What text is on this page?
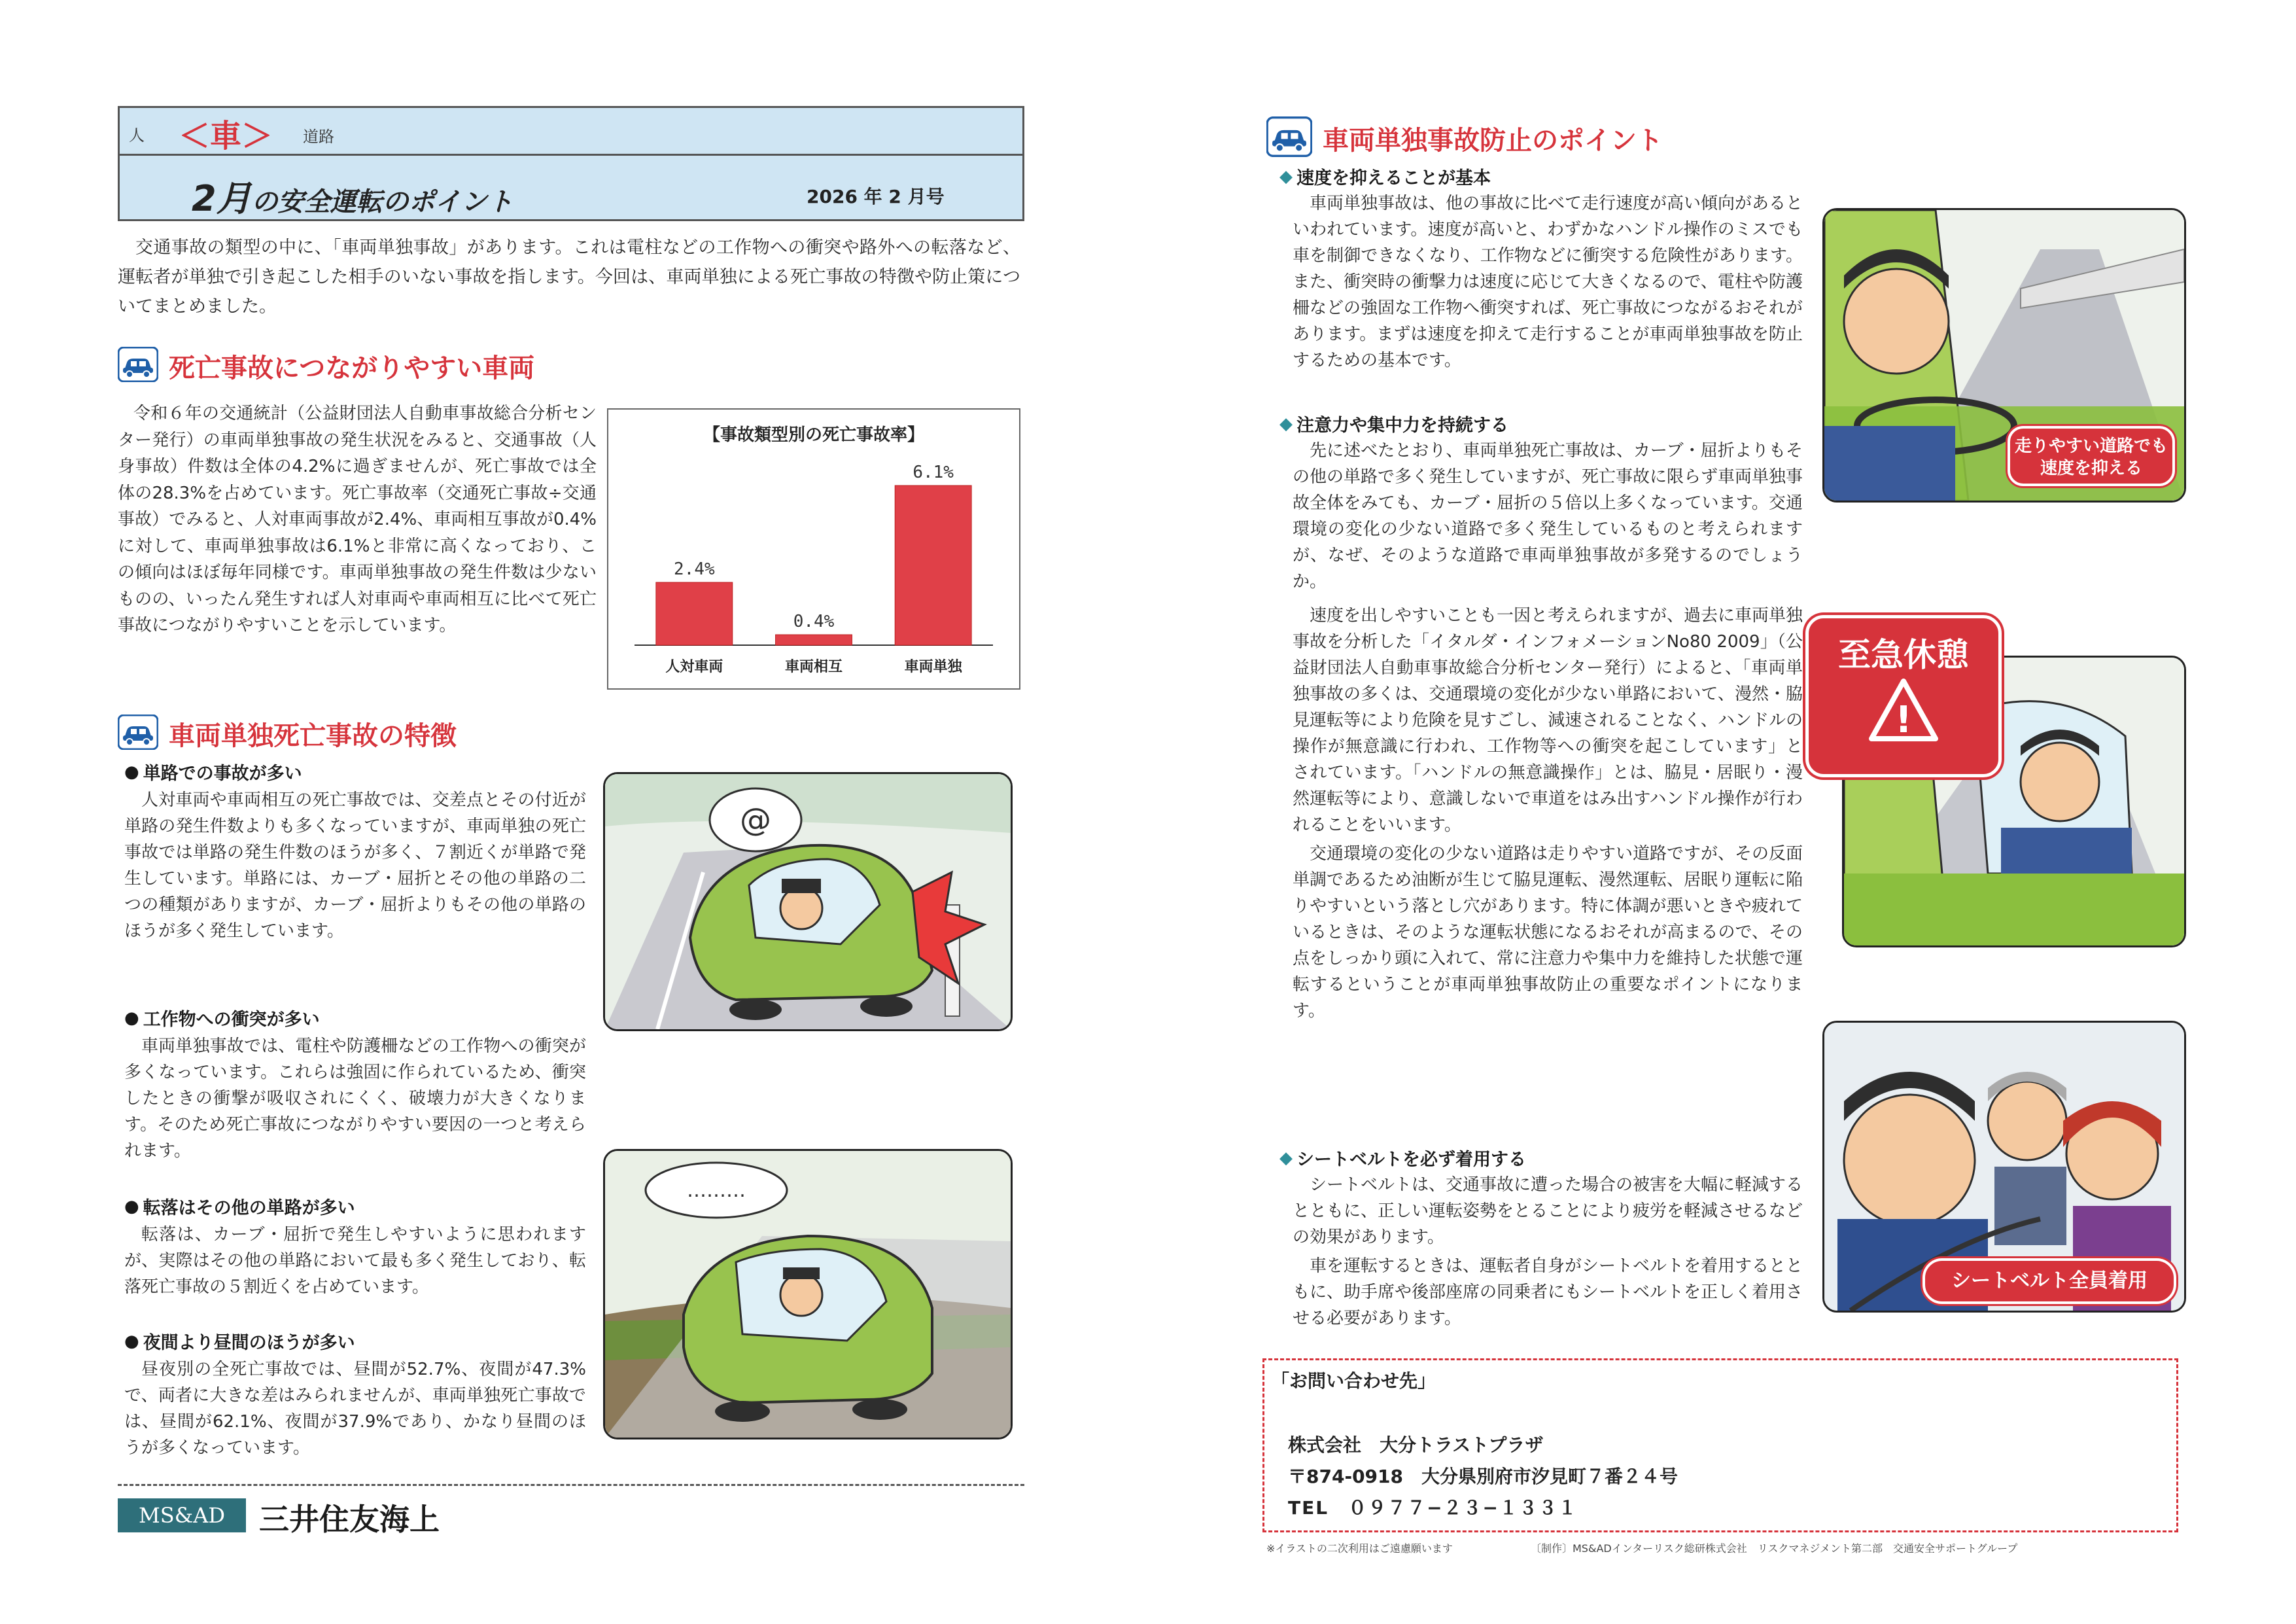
人 ＜車＞ 道路
2月の安全運転のポイント	2026 年 2 月号

交通事故の類型の中に、「車両単独事故」があります。これは電柱などの工作物への衝突や路外への転落など、運転者が単独で引き起こした相手のいない事故を指します。今回は、車両単独による死亡事故の特徴や防止策についてまとめました。

死亡事故につながりやすい車両

令和６年の交通統計（公益財団法人自動車事故総合分析センター発行）の車両単独事故の発生状況をみると、交通事故（人身事故）件数は全体の4.2%に過ぎませんが、死亡事故では全体の28.3%を占めています。死亡事故率（交通死亡事故÷交通事故）でみると、人対車両事故が2.4%、車両相互事故が0.4%に対して、車両単独事故は6.1%と非常に高くなっており、この傾向はほぼ毎年同様です。車両単独事故の発生件数は少ないものの、いったん発生すれば人対車両や車両相互に比べて死亡事故につながりやすいことを示しています。

【事故類型別の死亡事故率】
2.4%
人対車両
0.4%
車両相互
6.1%
車両単独
車両単独死亡事故の特徴
● 単路での事故が多い

人対車両や車両相互の死亡事故では、交差点とその付近が単路の発生件数よりも多くなっていますが、車両単独の死亡事故では単路の発生件数のほうが多く、７割近くが単路で発生しています。単路には、カーブ・屈折とその他の単路の二つの種類がありますが、カーブ・屈折よりもその他の単路のほうが多く発生しています。

● 工作物への衝突が多い

車両単独事故では、電柱や防護柵などの工作物への衝突が多くなっています。これらは強固に作られているため、衝突したときの衝撃が吸収されにくく、破壊力が大きくなります。そのため死亡事故につながりやすい要因の一つと考えられます。

● 転落はその他の単路が多い

転落は、カーブ・屈折で発生しやすいように思われますが、実際はその他の単路において最も多く発生しており、転落死亡事故の５割近くを占めています。

● 夜間より昼間のほうが多い

昼夜別の全死亡事故では、昼間が52.7%、夜間が47.3%で、両者に大きな差はみられませんが、車両単独死亡事故では、昼間が62.1%、夜間が37.9%であり、かなり昼間のほうが多くなっています。

@
………
MS&AD	三井住友海上
車両単独事故防止のポイント
◆ 速度を抑えることが基本

車両単独事故は、他の事故に比べて走行速度が高い傾向があるといわれています。速度が高いと、わずかなハンドル操作のミスでも車を制御できなくなり、工作物などに衝突する危険性があります。また、衝突時の衝撃力は速度に応じて大きくなるので、電柱や防護柵などの強固な工作物へ衝突すれば、死亡事故につながるおそれがあります。まずは速度を抑えて走行することが車両単独事故を防止するための基本です。

◆ 注意力や集中力を持続する

先に述べたとおり、車両単独死亡事故は、カーブ・屈折よりもその他の単路で多く発生していますが、死亡事故に限らず車両単独事故全体をみても、カーブ・屈折の５倍以上多くなっています。交通環境の変化の少ない道路で多く発生しているものと考えられますが、なぜ、そのような道路で車両単独事故が多発するのでしょうか。

速度を出しやすいことも一因と考えられますが、過去に車両単独事故を分析した「イタルダ・インフォメーションNo80 2009」（公益財団法人自動車事故総合分析センター発行）によると、「車両単独事故の多くは、交通環境の変化が少ない単路において、漫然・脇見運転等により危険を見すごし、減速されることなく、ハンドルの操作が無意識に行われ、工作物等への衝突を起こしています」とされています。「ハンドルの無意識操作」とは、脇見・居眠り・漫然運転等により、意識しないで車道をはみ出すハンドル操作が行われることをいいます。

交通環境の変化の少ない道路は走りやすい道路ですが、その反面単調であるため油断が生じて脇見運転、漫然運転、居眠り運転に陥りやすいという落とし穴があります。特に体調が悪いときや疲れているときは、そのような運転状態になるおそれが高まるので、その点をしっかり頭に入れて、常に注意力や集中力を維持した状態で運転するということが車両単独事故防止の重要なポイントになります。

◆ シートベルトを必ず着用する

シートベルトは、交通事故に遭った場合の被害を大幅に軽減するとともに、正しい運転姿勢をとることにより疲労を軽減させるなどの効果があります。

車を運転するときは、運転者自身がシートベルトを着用するとともに、助手席や後部座席の同乗者にもシートベルトを正しく着用させる必要があります。

走りやすい道路でも
速度を抑える
至急休憩
!
シートベルト全員着用
「お問い合わせ先」
株式会社　大分トラストプラザ
〒874-0918　大分県別府市汐見町７番２４号
TEL　０９７７−２３−１３３１
※イラストの二次利用はご遠慮願います	〔制作〕MS&ADインターリスク総研株式会社　リスクマネジメント第二部　交通安全サポートグループ
